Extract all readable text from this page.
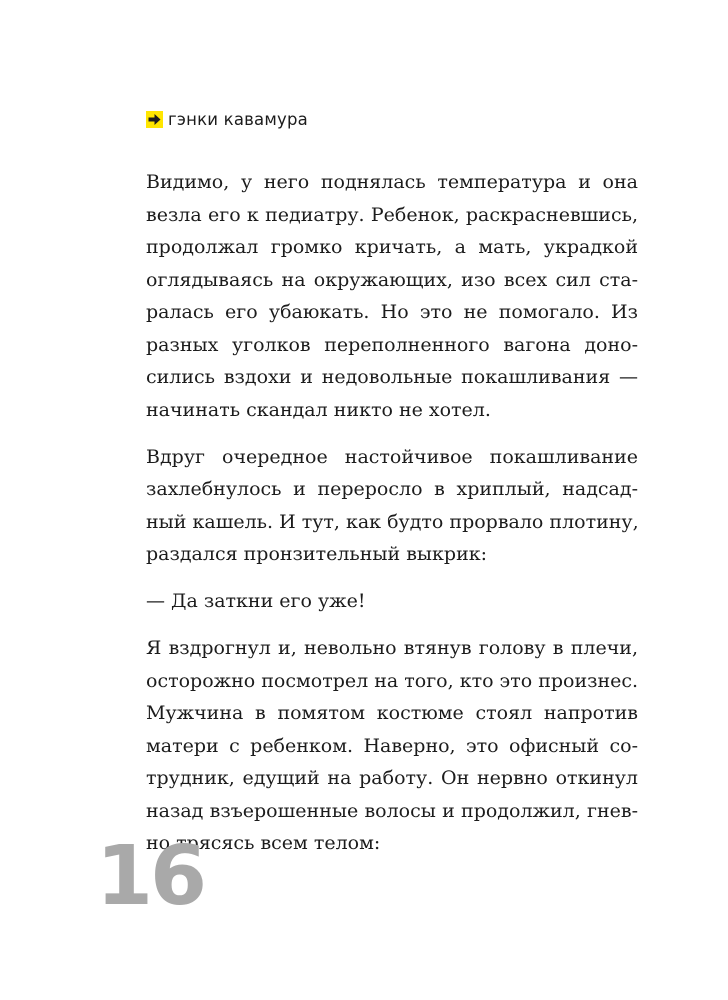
гэнки кавамура

Видимо, у него поднялась температура и она
везла его к педиатру. Ребенок, раскрасневшись,
продолжал громко кричать, а мать, украдкой
оглядываясь на окружающих, изо всех сил ста-
ралась его убаюкать. Но это не помогало. Из
разных уголков переполненного вагона доно-
сились вздохи и недовольные покашливания —
начинать скандал никто не хотел.

Вдруг очередное настойчивое покашливание
захлебнулось и переросло в хриплый, надсад-
ный кашель. И тут, как будто прорвало плотину,
раздался пронзительный выкрик:

— Да заткни его уже!

Я вздрогнул и, невольно втянув голову в плечи,
осторожно посмотрел на того, кто это произнес.
Мужчина в помятом костюме стоял напротив
матери с ребенком. Наверно, это офисный со-
трудник, едущий на работу. Он нервно откинул
назад взъерошенные волосы и продолжил, гнев-
но трясясь всем телом:

16
